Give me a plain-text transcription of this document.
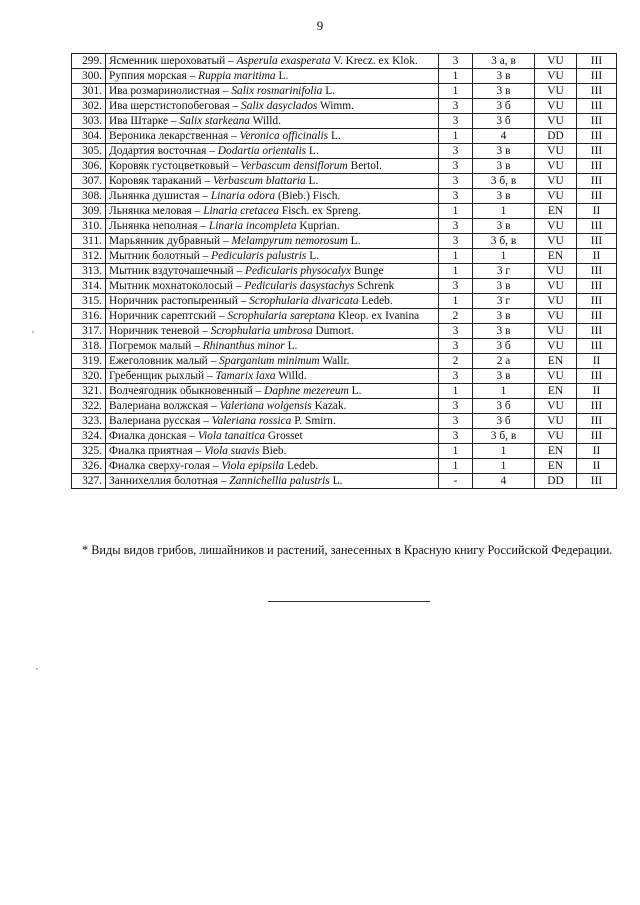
9
299.	Ясменник шероховатый – Asperula exasperata V. Krecz. ex Klok.	3	3 а, в	VU	III
300.	Руппия морская – Ruppia maritima L.	1	3 в	VU	III
301.	Ива розмаринолистная – Salix rosmarinifolia L.	1	3 в	VU	III
302.	Ива шерстистопобеговая – Salix dasyclados Wimm.	3	3 б	VU	III
303.	Ива Штарке – Salix starkeana Willd.	3	3 б	VU	III
304.	Вероника лекарственная – Veronica officinalis L.	1	4	DD	III
305.	Додартия восточная – Dodartia orientalis L.	3	3 в	VU	III
306.	Коровяк густоцветковый – Verbascum densiflorum Bertol.	3	3 в	VU	III
307.	Коровяк тараканий – Verbascum blattaria L.	3	3 б, в	VU	III
308.	Льнянка душистая – Linaria odora (Bieb.) Fisch.	3	3 в	VU	III
309.	Льнянка меловая – Linaria cretacea Fisch. ex Spreng.	1	1	EN	II
310.	Льнянка неполная – Linaria incompleta Kuprian.	3	3 в	VU	III
311.	Марьянник дубравный – Melampyrum nemorosum L.	3	3 б, в	VU	III
312.	Мытник болотный – Pedicularis palustris L.	1	1	EN	II
313.	Мытник вздуточашечный – Pedicularis physocalyx Bunge	1	3 г	VU	III
314.	Мытник мохнатоколосый – Pedicularis dasystachys Schrenk	3	3 в	VU	III
315.	Норичник растопыренный – Scrophularia divaricata Ledeb.	1	3 г	VU	III
316.	Норичник сарептский – Scrophularia sareptana Kleop. ex Ivanina	2	3 в	VU	III
317.	Норичник теневой – Scrophularia umbrosa Dumort.	3	3 в	VU	III
318.	Погремок малый – Rhinanthus minor L.	3	3 б	VU	III
319.	Ежеголовник малый – Sparganium minimum Wallr.	2	2 а	EN	II
320.	Гребенщик рыхлый – Tamarix laxa Willd.	3	3 в	VU	III
321.	Волчеягодник обыкновенный – Daphne mezereum L.	1	1	EN	II
322.	Валериана волжская – Valeriana wolgensis Kazak.	3	3 б	VU	III
323.	Валериана русская – Valeriana rossica P. Smirn.	3	3 б	VU	III
324.	Фиалка донская – Viola tanaitica Grosset	3	3 б, в	VU	III
325.	Фиалка приятная – Viola suavis Bieb.	1	1	EN	II
326.	Фиалка сверху-голая – Viola epipsila Ledeb.	1	1	EN	II
327.	Заннихеллия болотная – Zannichellia palustris L.	-	4	DD	III
* Виды видов грибов, лишайников и растений, занесенных в Красную книгу Российской Федерации.
